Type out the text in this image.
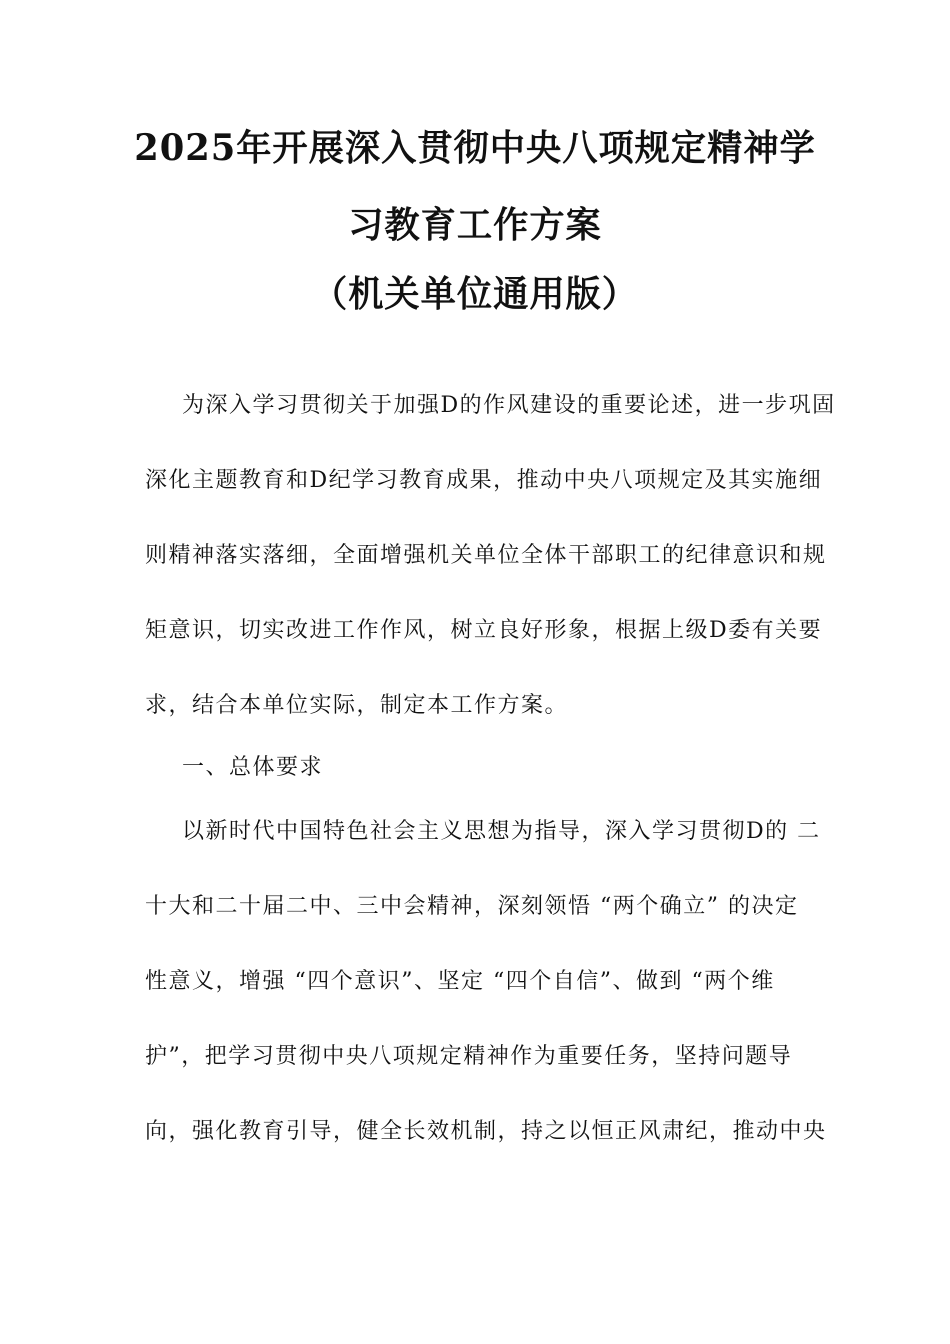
2025年开展深入贯彻中央八项规定精神学
习教育工作方案
（机关单位通用版）
为深入学习贯彻关于加强D的作风建设的重要论述，进一步巩固
深化主题教育和D纪学习教育成果，推动中央八项规定及其实施细
则精神落实落细，全面增强机关单位全体干部职工的纪律意识和规
矩意识，切实改进工作作风，树立良好形象，根据上级D委有关要
求，结合本单位实际，制定本工作方案。
一、总体要求
以新时代中国特色社会主义思想为指导，深入学习贯彻D的 二
十大和二十届二中、三中会精神，深刻领悟 “两个确立” 的决定
性意义，增强 “四个意识”、坚定 “四个自信”、做到 “两个维
护”，把学习贯彻中央八项规定精神作为重要任务，坚持问题导
向，强化教育引导，健全长效机制，持之以恒正风肃纪，推动中央
